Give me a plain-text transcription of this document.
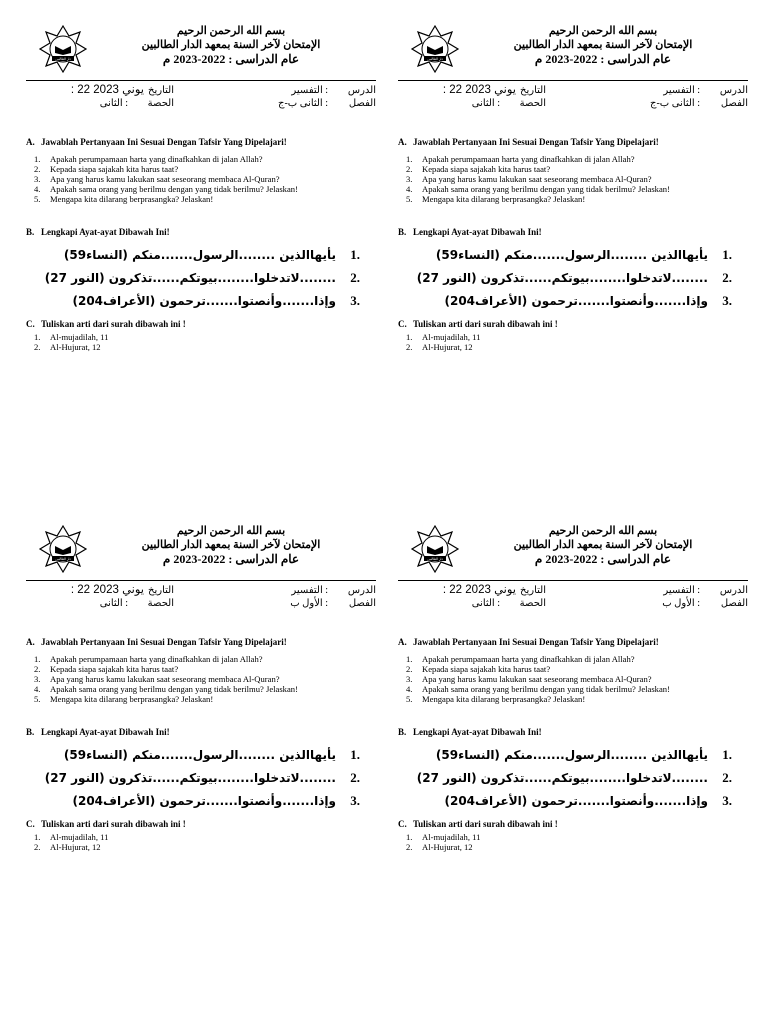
دار الطالبين
بسم الله الرحمن الرحيم
الإمتحان لآخر السنة بمعهد الدار الطالبين
عام الدراسى : 2022-2023 م
الدرس
: التفسير
الفصل
: الثانى ب-ج
التاريخ
: 22 يوني 2023
الحصة
: الثانى
A. Jawablah Pertanyaan Ini Sesuai Dengan Tafsir Yang Dipelajari!
1. Apakah perumpamaan harta yang dinafkahkan di jalan Allah?
2. Kepada siapa sajakah kita harus taat?
3. Apa yang harus kamu lakukan saat seseorang membaca Al-Quran?
4. Apakah sama orang yang berilmu dengan yang tidak berilmu? Jelaskan!
5. Mengapa kita dilarang berprasangka? Jelaskan!
B. Lengkapi Ayat-ayat Dibawah Ini!
.1يأيهاالذين ........الرسول.......منكم (النساء59)
.2........لاتدخلوا........بيوتكم......تذكرون (النور 27)
.3وإذا.......وأنصتوا.......ترحمون (الأعراف204)
C. Tuliskan arti dari surah dibawah ini !
1. Al-mujadilah, 11
2. Al-Hujurat, 12
دار الطالبين
بسم الله الرحمن الرحيم
الإمتحان لآخر السنة بمعهد الدار الطالبين
عام الدراسى : 2022-2023 م
الدرس
: التفسير
الفصل
: الثانى ب-ج
التاريخ
: 22 يوني 2023
الحصة
: الثانى
A. Jawablah Pertanyaan Ini Sesuai Dengan Tafsir Yang Dipelajari!
1. Apakah perumpamaan harta yang dinafkahkan di jalan Allah?
2. Kepada siapa sajakah kita harus taat?
3. Apa yang harus kamu lakukan saat seseorang membaca Al-Quran?
4. Apakah sama orang yang berilmu dengan yang tidak berilmu? Jelaskan!
5. Mengapa kita dilarang berprasangka? Jelaskan!
B. Lengkapi Ayat-ayat Dibawah Ini!
.1يأيهاالذين ........الرسول.......منكم (النساء59)
.2........لاتدخلوا........بيوتكم......تذكرون (النور 27)
.3وإذا.......وأنصتوا.......ترحمون (الأعراف204)
C. Tuliskan arti dari surah dibawah ini !
1. Al-mujadilah, 11
2. Al-Hujurat, 12
دار الطالبين
بسم الله الرحمن الرحيم
الإمتحان لآخر السنة بمعهد الدار الطالبين
عام الدراسى : 2022-2023 م
الدرس
: التفسير
الفصل
: الأول ب
التاريخ
: 22 يوني 2023
الحصة
: الثانى
A. Jawablah Pertanyaan Ini Sesuai Dengan Tafsir Yang Dipelajari!
1. Apakah perumpamaan harta yang dinafkahkan di jalan Allah?
2. Kepada siapa sajakah kita harus taat?
3. Apa yang harus kamu lakukan saat seseorang membaca Al-Quran?
4. Apakah sama orang yang berilmu dengan yang tidak berilmu? Jelaskan!
5. Mengapa kita dilarang berprasangka? Jelaskan!
B. Lengkapi Ayat-ayat Dibawah Ini!
.1يأيهاالذين ........الرسول.......منكم (النساء59)
.2........لاتدخلوا........بيوتكم......تذكرون (النور 27)
.3وإذا.......وأنصتوا.......ترحمون (الأعراف204)
C. Tuliskan arti dari surah dibawah ini !
1. Al-mujadilah, 11
2. Al-Hujurat, 12
دار الطالبين
بسم الله الرحمن الرحيم
الإمتحان لآخر السنة بمعهد الدار الطالبين
عام الدراسى : 2022-2023 م
الدرس
: التفسير
الفصل
: الأول ب
التاريخ
: 22 يوني 2023
الحصة
: الثانى
A. Jawablah Pertanyaan Ini Sesuai Dengan Tafsir Yang Dipelajari!
1. Apakah perumpamaan harta yang dinafkahkan di jalan Allah?
2. Kepada siapa sajakah kita harus taat?
3. Apa yang harus kamu lakukan saat seseorang membaca Al-Quran?
4. Apakah sama orang yang berilmu dengan yang tidak berilmu? Jelaskan!
5. Mengapa kita dilarang berprasangka? Jelaskan!
B. Lengkapi Ayat-ayat Dibawah Ini!
.1يأيهاالذين ........الرسول.......منكم (النساء59)
.2........لاتدخلوا........بيوتكم......تذكرون (النور 27)
.3وإذا.......وأنصتوا.......ترحمون (الأعراف204)
C. Tuliskan arti dari surah dibawah ini !
1. Al-mujadilah, 11
2. Al-Hujurat, 12
